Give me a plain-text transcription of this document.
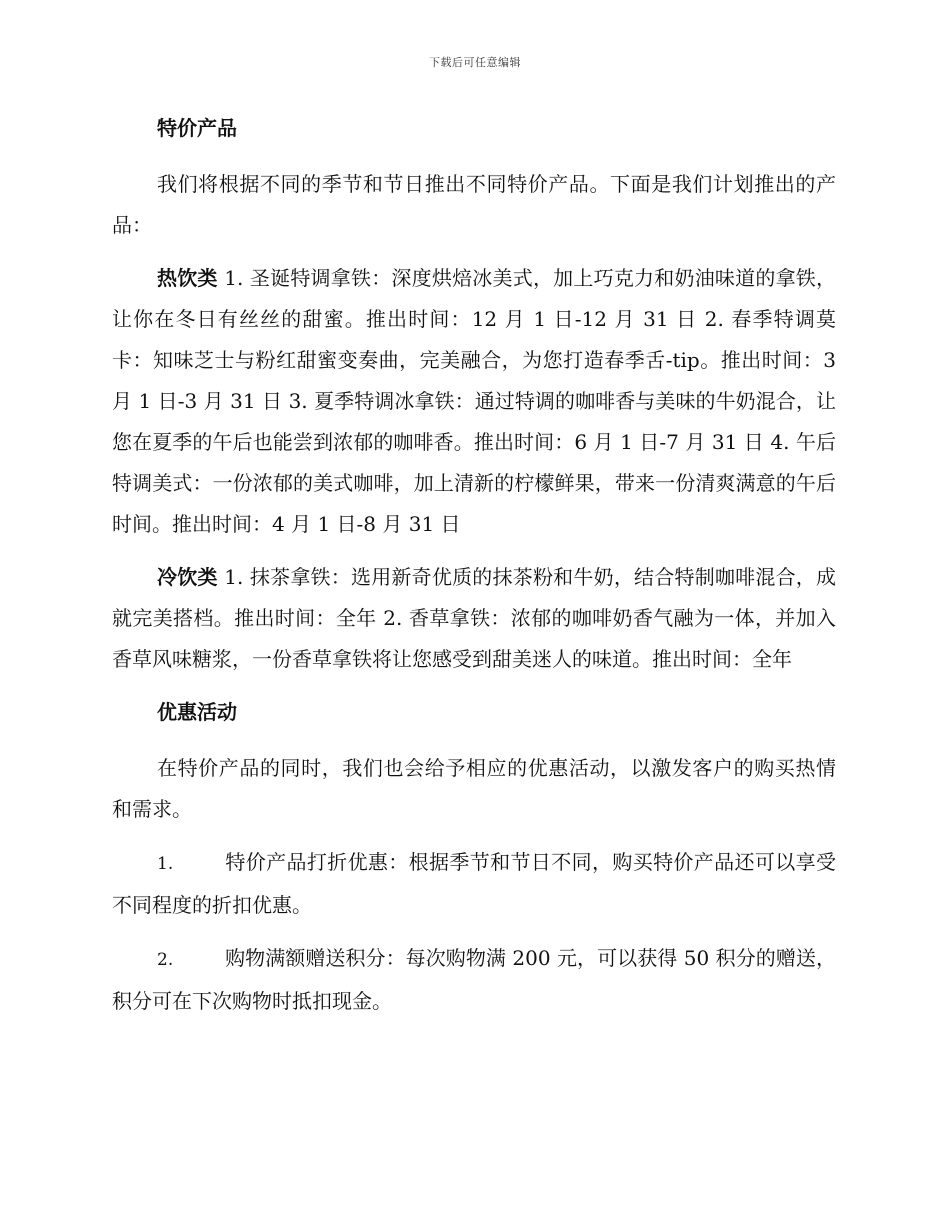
下载后可任意编辑
特价产品

我们将根据不同的季节和节日推出不同特价产品。下面是我们计划推出的产品：

热饮类 1. 圣诞特调拿铁：深度烘焙冰美式，加上巧克力和奶油味道的拿铁，让你在冬日有丝丝的甜蜜。推出时间：12 月 1 日-12 月 31 日 2. 春季特调莫卡：知味芝士与粉红甜蜜变奏曲，完美融合，为您打造春季舌-tip。推出时间：3 月 1 日-3 月 31 日 3. 夏季特调冰拿铁：通过特调的咖啡香与美味的牛奶混合，让您在夏季的午后也能尝到浓郁的咖啡香。推出时间：6 月 1 日-7 月 31 日 4. 午后特调美式：一份浓郁的美式咖啡，加上清新的柠檬鲜果，带来一份清爽满意的午后时间。推出时间：4 月 1 日-8 月 31 日

冷饮类 1. 抹茶拿铁：选用新奇优质的抹茶粉和牛奶，结合特制咖啡混合，成就完美搭档。推出时间：全年 2. 香草拿铁：浓郁的咖啡奶香气融为一体，并加入香草风味糖浆，一份香草拿铁将让您感受到甜美迷人的味道。推出时间：全年

优惠活动

在特价产品的同时，我们也会给予相应的优惠活动，以激发客户的购买热情和需求。

1.	特价产品打折优惠：根据季节和节日不同，购买特价产品还可以享受不同程度的折扣优惠。

2.	购物满额赠送积分：每次购物满 200 元，可以获得 50 积分的赠送，积分可在下次购物时抵扣现金。
